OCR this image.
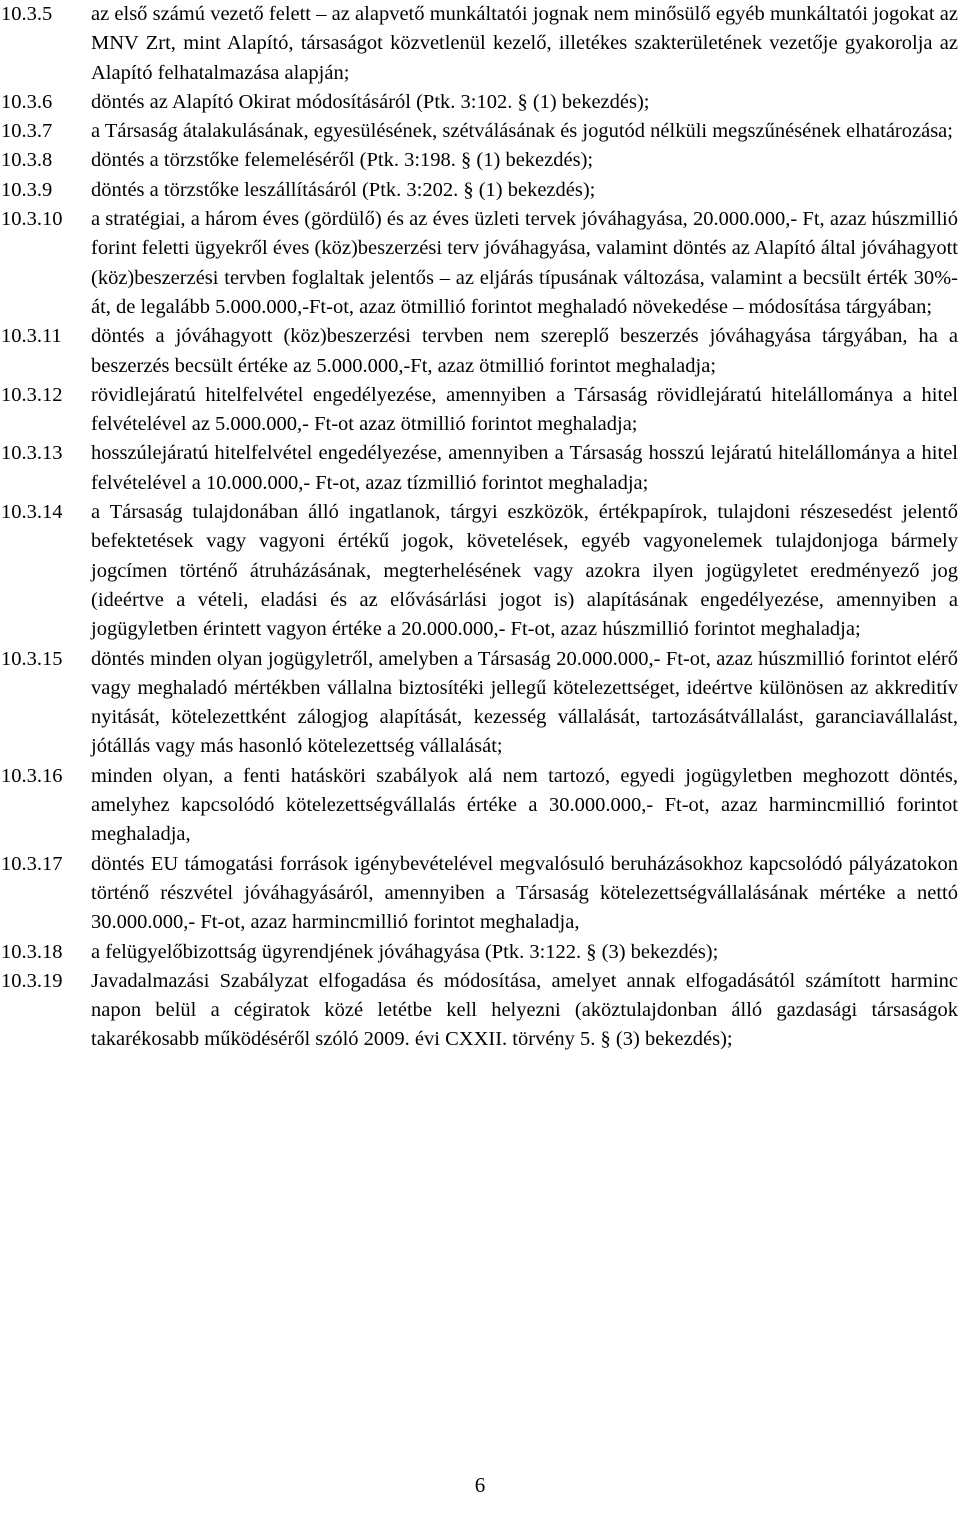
10.3.5	az első számú vezető felett – az alapvető munkáltatói jognak nem minősülő egyéb munkáltatói jogokat az MNV Zrt, mint Alapító, társaságot közvetlenül kezelő, illetékes szakterületének vezetője gyakorolja az Alapító felhatalmazása alapján;

10.3.6	döntés az Alapító Okirat módosításáról (Ptk. 3:102. § (1) bekezdés);

10.3.7	a Társaság átalakulásának, egyesülésének, szétválásának és jogutód nélküli megszűnésének elhatározása;

10.3.8	döntés a törzstőke felemeléséről (Ptk. 3:198. § (1) bekezdés);

10.3.9	döntés a törzstőke leszállításáról (Ptk. 3:202. § (1) bekezdés);

10.3.10	a stratégiai, a három éves (gördülő) és az éves üzleti tervek jóváhagyása, 20.000.000,- Ft, azaz húszmillió forint feletti ügyekről éves (köz)beszerzési terv jóváhagyása, valamint döntés az Alapító által jóváhagyott (köz)beszerzési tervben foglaltak jelentős – az eljárás típusának változása, valamint a becsült érték 30%-át, de legalább 5.000.000,-Ft-ot, azaz ötmillió forintot meghaladó növekedése – módosítása tárgyában;

10.3.11	döntés a jóváhagyott (köz)beszerzési tervben nem szereplő beszerzés jóváhagyása tárgyában, ha a beszerzés becsült értéke az 5.000.000,-Ft, azaz ötmillió forintot meghaladja;

10.3.12	rövidlejáratú hitelfelvétel engedélyezése, amennyiben a Társaság rövidlejáratú hitelállománya a hitel felvételével az 5.000.000,- Ft-ot azaz ötmillió forintot meghaladja;

10.3.13	hosszúlejáratú hitelfelvétel engedélyezése, amennyiben a Társaság hosszú lejáratú hitelállománya a hitel felvételével a 10.000.000,- Ft-ot, azaz tízmillió forintot meghaladja;

10.3.14	a Társaság tulajdonában álló ingatlanok, tárgyi eszközök, értékpapírok, tulajdoni részesedést jelentő befektetések vagy vagyoni értékű jogok, követelések, egyéb vagyonelemek tulajdonjoga bármely jogcímen történő átruházásának, megterhelésének vagy azokra ilyen jogügyletet eredményező jog (ideértve a vételi, eladási és az elővásárlási jogot is) alapításának engedélyezése, amennyiben a jogügyletben érintett vagyon értéke a 20.000.000,- Ft-ot, azaz húszmillió forintot meghaladja;

10.3.15	döntés minden olyan jogügyletről, amelyben a Társaság 20.000.000,- Ft-ot, azaz húszmillió forintot elérő vagy meghaladó mértékben vállalna biztosítéki jellegű kötelezettséget, ideértve különösen az akkreditív nyitását, kötelezettként zálogjog alapítását, kezesség vállalását, tartozásátvállalást, garanciavállalást, jótállás vagy más hasonló kötelezettség vállalását;

10.3.16	minden olyan, a fenti hatásköri szabályok alá nem tartozó, egyedi jogügyletben meghozott döntés, amelyhez kapcsolódó kötelezettségvállalás értéke a 30.000.000,- Ft-ot, azaz harmincmillió forintot meghaladja,

10.3.17	döntés EU támogatási források igénybevételével megvalósuló beruházásokhoz kapcsolódó pályázatokon történő részvétel jóváhagyásáról, amennyiben a Társaság kötelezettségvállalásának mértéke a nettó 30.000.000,- Ft-ot, azaz harmincmillió forintot meghaladja,

10.3.18	a felügyelőbizottság ügyrendjének jóváhagyása (Ptk. 3:122. § (3) bekezdés);

10.3.19	Javadalmazási Szabályzat elfogadása és módosítása, amelyet annak elfogadásától számított harminc napon belül a cégiratok közé letétbe kell helyezni (aköztulajdonban álló gazdasági társaságok takarékosabb működéséről szóló 2009. évi CXXII. törvény 5. § (3) bekezdés);

6
